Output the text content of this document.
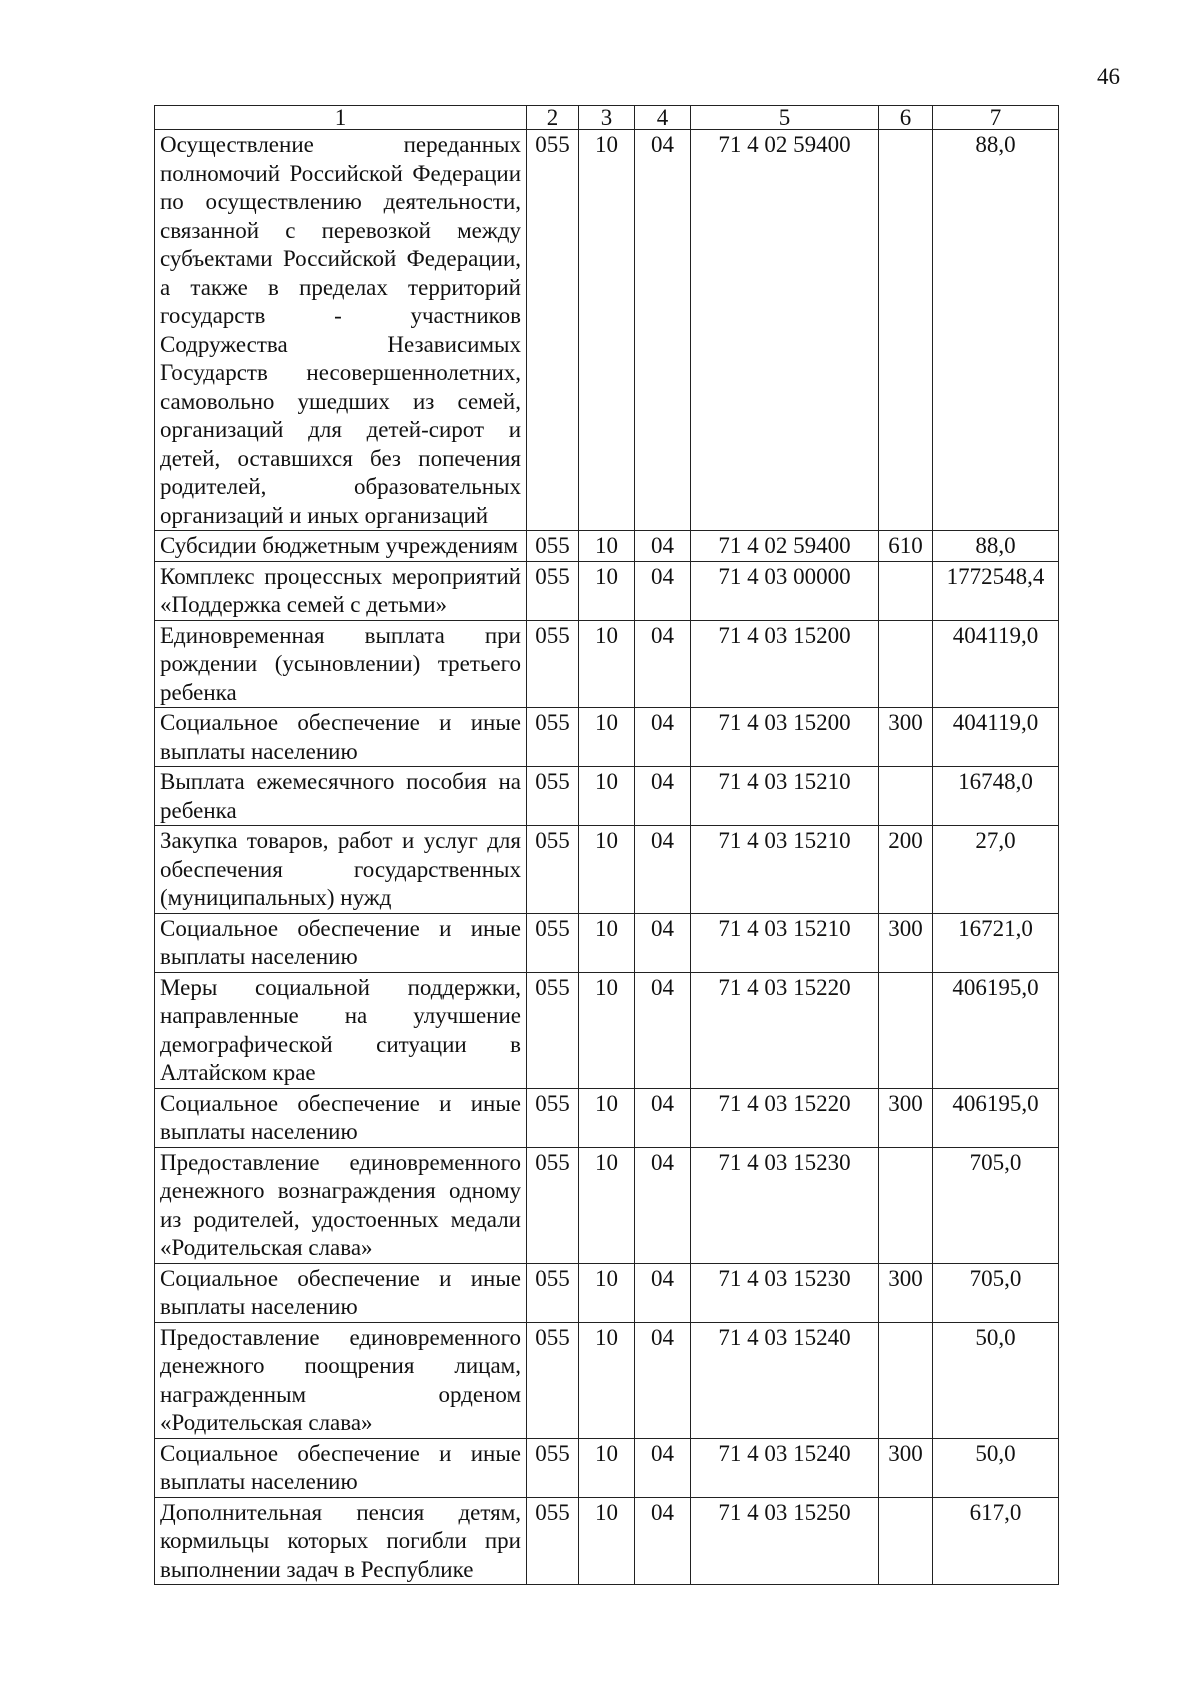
46
1	2	3	4	5	6	7
Осуществление переданных полномочий Российской Федерации по осуществлению деятельности, связанной с перевозкой между субъектами Российской Федерации, а также в пределах территорий государств - участников Содружества Независимых Государств несовершеннолетних, самовольно ушедших из семей, организаций для детей-сирот и детей, оставшихся без попечения родителей, образовательных организаций и иных организаций	055	10	04	71 4 02 59400		88,0
Субсидии бюджетным учреждениям	055	10	04	71 4 02 59400	610	88,0
Комплекс процессных мероприятий «Поддержка семей с детьми»	055	10	04	71 4 03 00000		1772548,4
Единовременная выплата при рождении (усыновлении) третьего ребенка	055	10	04	71 4 03 15200		404119,0
Социальное обеспечение и иные выплаты населению	055	10	04	71 4 03 15200	300	404119,0
Выплата ежемесячного пособия на ребенка	055	10	04	71 4 03 15210		16748,0
Закупка товаров, работ и услуг для обеспечения государственных (муниципальных) нужд	055	10	04	71 4 03 15210	200	27,0
Социальное обеспечение и иные выплаты населению	055	10	04	71 4 03 15210	300	16721,0
Меры социальной поддержки, направленные на улучшение демографической ситуации в Алтайском крае	055	10	04	71 4 03 15220		406195,0
Социальное обеспечение и иные выплаты населению	055	10	04	71 4 03 15220	300	406195,0
Предоставление единовременного денежного вознаграждения одному из родителей, удостоенных медали «Родительская слава»	055	10	04	71 4 03 15230		705,0
Социальное обеспечение и иные выплаты населению	055	10	04	71 4 03 15230	300	705,0
Предоставление единовременного денежного поощрения лицам, награжденным орденом «Родительская слава»	055	10	04	71 4 03 15240		50,0
Социальное обеспечение и иные выплаты населению	055	10	04	71 4 03 15240	300	50,0
Дополнительная пенсия детям, кормильцы которых погибли при выполнении задач в Республике	055	10	04	71 4 03 15250		617,0
